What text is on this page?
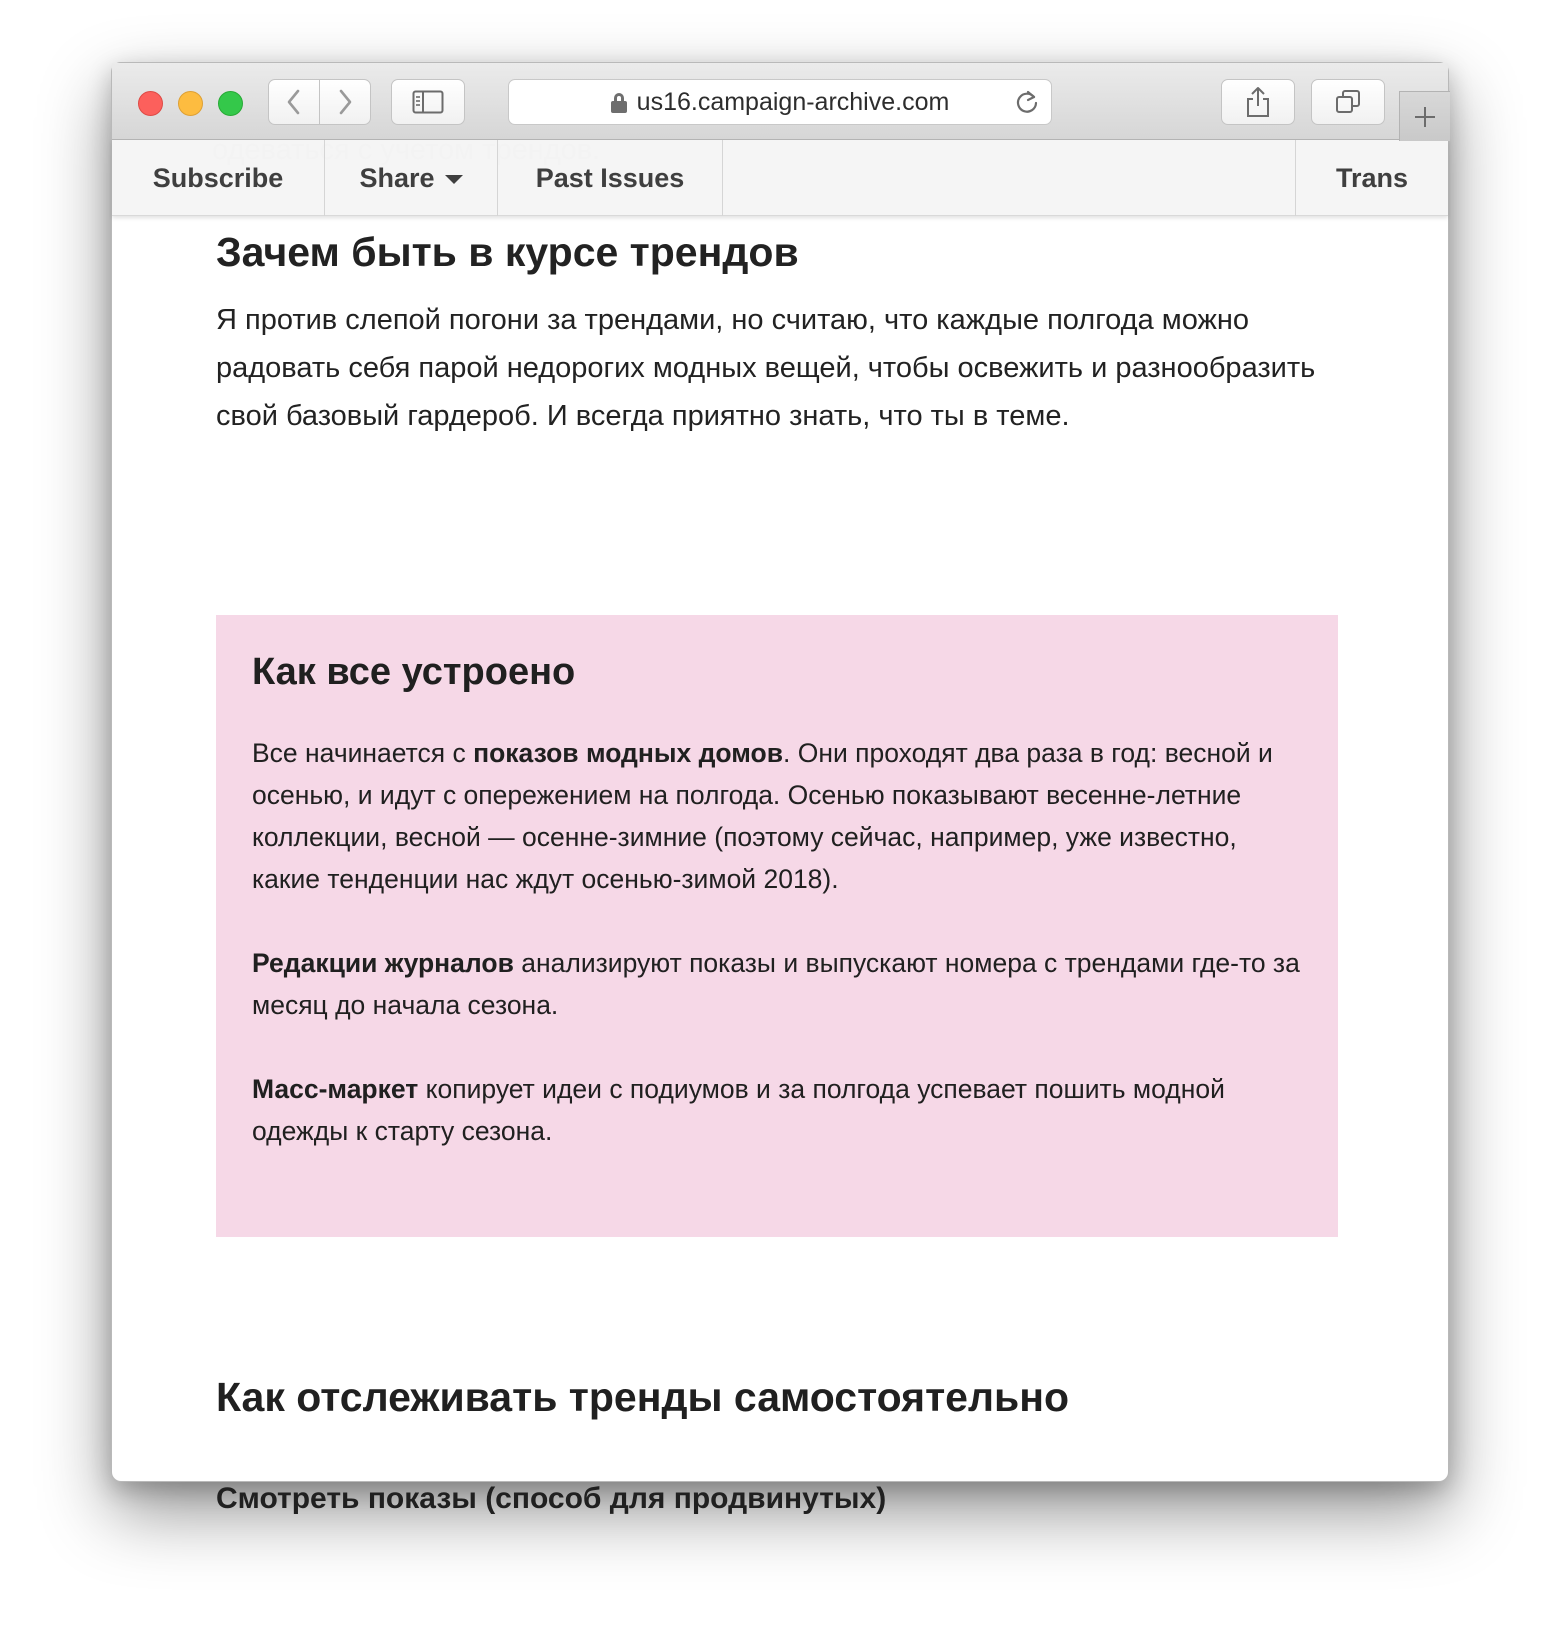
us16.campaign-archive.com
Subscribe	Share	Past Issues	Trans
Зачем быть в курсе трендов

Я против слепой погони за трендами, но считаю, что каждые полгода можно радовать себя парой недорогих модных вещей, чтобы освежить и разнообразить свой базовый гардероб. И всегда приятно знать, что ты в теме.

Как все устроено

Все начинается с показов модных домов. Они проходят два раза в год: весной и осенью, и идут с опережением на полгода. Осенью показывают весенне-летние коллекции, весной — осенне-зимние (поэтому сейчас, например, уже известно, какие тенденции нас ждут осенью-зимой 2018).

Редакции журналов анализируют показы и выпускают номера с трендами где-то за месяц до начала сезона.

Масс-маркет копирует идеи с подиумов и за полгода успевает пошить модной одежды к старту сезона.

Как отслеживать тренды самостоятельно
Смотреть показы (способ для продвинутых)
